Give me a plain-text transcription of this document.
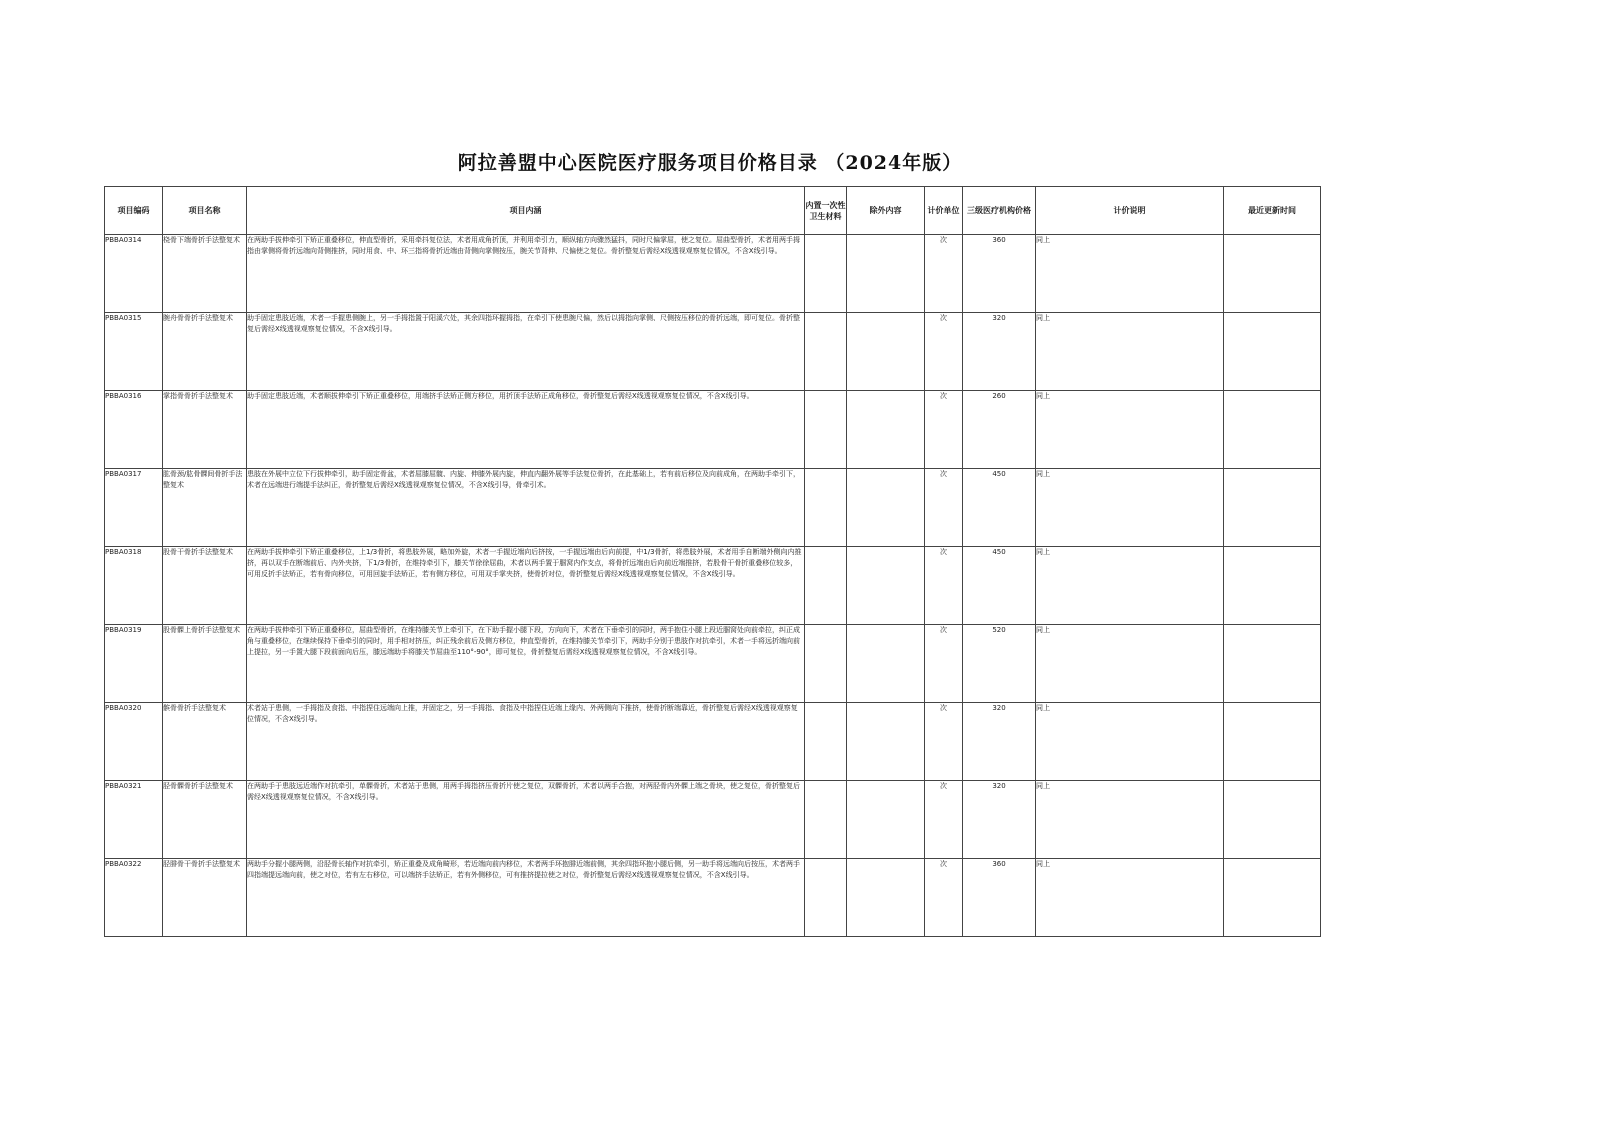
阿拉善盟中心医院医疗服务项目价格目录 （2024年版）
项目编码	项目名称	项目内涵	内置一次性卫生材料	除外内容	计价单位	三级医疗机构价格	计价说明	最近更新时间
PBBA0314	桡骨下端骨折手法整复术	在两助手拔伸牵引下矫正重叠移位，伸直型骨折，采用牵抖复位法，术者用成角折顶，并利用牵引力，顺纵轴方向骤然猛抖，同时尺偏掌屈，使之复位。屈曲型骨折，术者用两手拇指由掌侧将骨折远端向背侧推挤，同时用食、中、环三指将骨折近端由背侧向掌侧按压，腕关节背伸、尺偏使之复位。骨折整复后需经X线透视观察复位情况，不含X线引导。			次	360	同上	
PBBA0315	腕舟骨骨折手法整复术	助手固定患肢近端，术者一手握患侧腕上，另一手拇指置于阳溪穴处，其余四指环握拇指，在牵引下使患腕尺偏，然后以拇指向掌侧、尺侧按压移位的骨折远端，即可复位。骨折整复后需经X线透视观察复位情况，不含X线引导。			次	320	同上	
PBBA0316	掌指骨骨折手法整复术	助手固定患肢近端，术者顺拔伸牵引下矫正重叠移位，用端挤手法矫正侧方移位，用折顶手法矫正成角移位，骨折整复后需经X线透视观察复位情况，不含X线引导。			次	260	同上	
PBBA0317	肱骨颈/肱骨髁间骨折手法整复术	患肢在外展中立位下行拔伸牵引，助手固定骨盆，术者屈膝屈髋、内旋、伸膝外展内旋，伸直内翻外展等手法复位骨折，在此基础上，若有前后移位及向前成角，在两助手牵引下，术者在远端进行端提手法纠正，骨折整复后需经X线透视观察复位情况，不含X线引导，骨牵引术。			次	450	同上	
PBBA0318	股骨干骨折手法整复术	在两助手拔伸牵引下矫正重叠移位，上1/3骨折，将患肢外展，略加外旋，术者一手握近端向后挤按，一手握远端由后向前提，中1/3骨折，将患肢外展，术者用手自断端外侧向内推挤，再以双手在断端前后、内外夹挤，下1/3骨折，在维持牵引下，膝关节徐徐屈曲，术者以两手置于腘窝内作支点，将骨折远端由后向前近端推挤，若股骨干骨折重叠移位较多，可用反折手法矫正，若有骨向移位，可用回旋手法矫正，若有侧方移位，可用双手掌夹挤，使骨折对位，骨折整复后需经X线透视观察复位情况，不含X线引导。			次	450	同上	
PBBA0319	股骨髁上骨折手法整复术	在两助手拔伸牵引下矫正重叠移位，屈曲型骨折，在维持膝关节上牵引下，在下助手握小腿下段，方向向下，术者在下垂牵引的同时，两手抱住小腿上段近腘窝处向前牵拉，纠正成角与重叠移位，在继续保持下垂牵引的同时，用手相对挤压，纠正残余前后及侧方移位，伸直型骨折，在维持膝关节牵引下，两助手分别于患肢作对抗牵引，术者一手将远折端向前上提拉，另一手置大腿下段前面向后压，膝远端助手将膝关节屈曲至110°-90°，即可复位，骨折整复后需经X线透视观察复位情况，不含X线引导。			次	520	同上	
PBBA0320	髌骨骨折手法整复术	术者站于患侧，一手拇指及食指、中指捏住远端向上推，并固定之，另一手拇指、食指及中指捏住近端上缘内、外两侧向下推挤，使骨折断端靠近，骨折整复后需经X线透视观察复位情况，不含X线引导。			次	320	同上	
PBBA0321	胫骨髁骨折手法整复术	在两助手于患肢远近端作对抗牵引，单髁骨折，术者站于患侧，用两手拇指挤压骨折片使之复位，双髁骨折，术者以两手合抱，对两胫骨内外髁上端之骨块，使之复位，骨折整复后需经X线透视观察复位情况，不含X线引导。			次	320	同上	
PBBA0322	胫腓骨干骨折手法整复术	两助手分握小腿两侧，沿胫骨长轴作对抗牵引，矫正重叠及成角畸形，若近端向前内移位，术者两手环抱腓近端前侧，其余四指环抱小腿后侧，另一助手将远端向后按压，术者两手四指端提远端向前，使之对位，若有左右移位，可以端挤手法矫正，若有外侧移位，可有推挤提拉使之对位，骨折整复后需经X线透视观察复位情况，不含X线引导。			次	360	同上	
